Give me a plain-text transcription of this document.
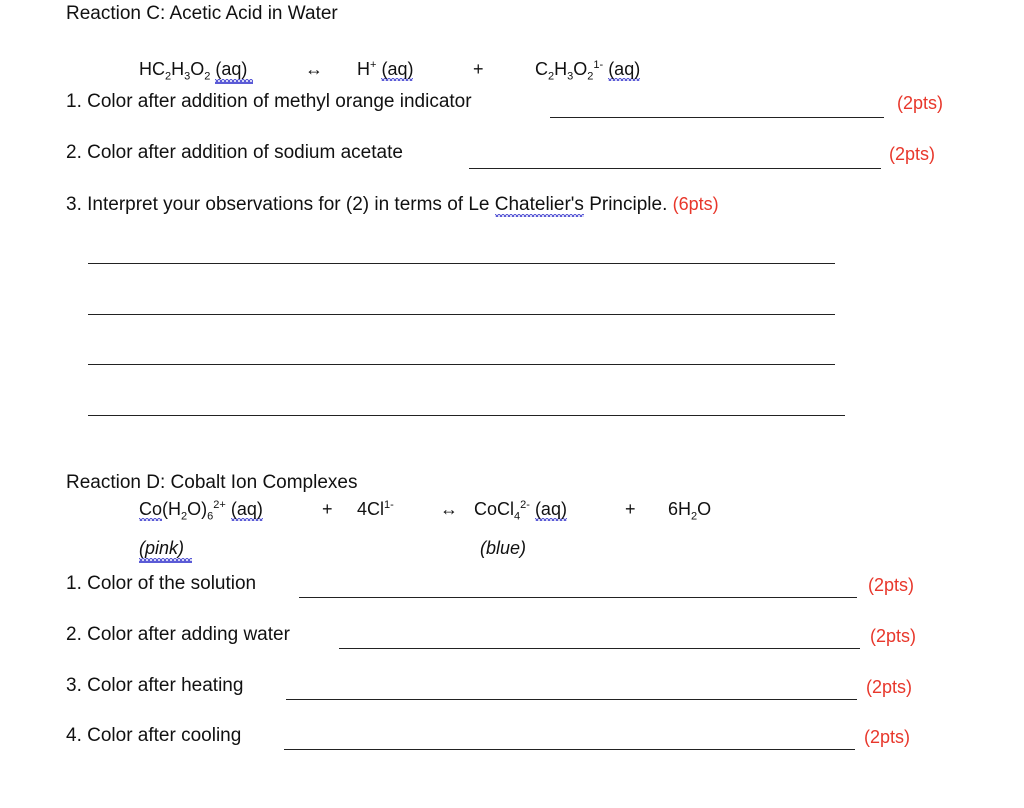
Reaction C: Acetic Acid in Water
$HC_2H_3O_2$ (aq)	↔ H+ (aq)	+	$C_2H_3O_2^{1-}$ (aq)
1. Color after addition of methyl orange indicator	(2pts)
2. Color after addition of sodium acetate	(2pts)
3. Interpret your observations for (2) in terms of Le Chatelier's Principle. (6pts)
Reaction D: Cobalt Ion Complexes
$Co(H_2O)_6^{2+}$ (aq)	+ $4Cl^{1-}$	↔ CoCl$_4^{2-}$ (aq)	+ $6H_2O$
(pink)	(blue)
1. Color of the solution	(2pts)
2. Color after adding water	(2pts)
3. Color after heating	(2pts)
4. Color after cooling	(2pts)
